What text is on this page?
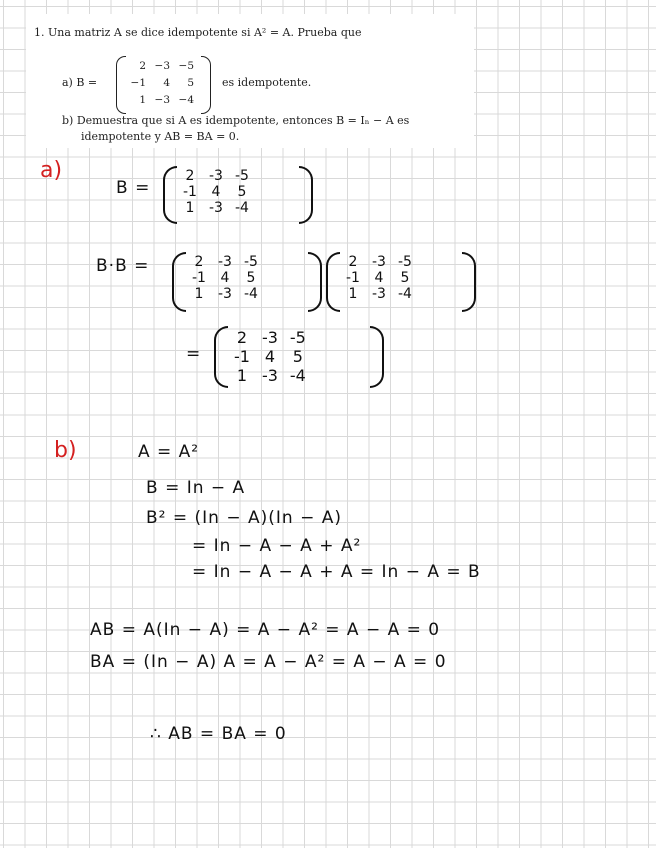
1. Una matriz A se dice idempotente si A² = A. Prueba que
a) B =
2	−3	−5
−1	4	5
1	−3	−4
es idempotente.
b) Demuestra que si A es idempotente, entonces B = Iₙ − A es
idempotente y AB = BA = 0.
a)
B =
2	-3	-5
-1	4	5
1	-3	-4
B·B =	2	-3	-5
-1	4	5
1	-3	-4
2	-3	-5
-1	4	5
1	-3	-4
=
2	-3	-5
-1	4	5
1	-3	-4
b)	A = A²
B = In − A
B² = (In − A)(In − A)
= In − A − A + A²
= In − A − A + A = In − A = B
AB = A(In − A) = A − A² = A − A = 0
BA = (In − A) A = A − A² = A − A = 0
∴ AB = BA = 0
